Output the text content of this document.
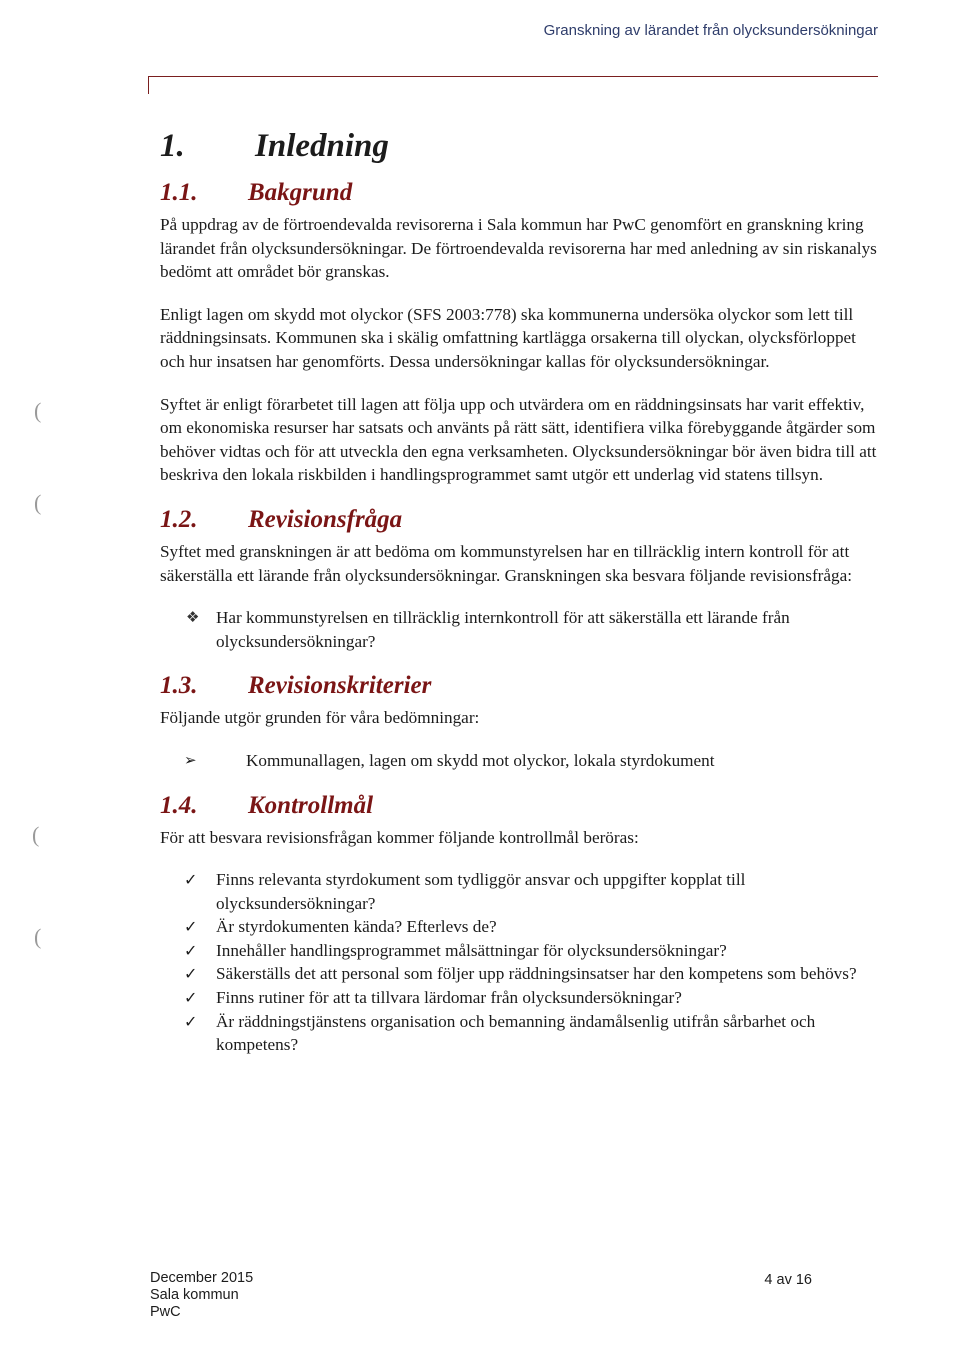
Granskning av lärandet från olycksundersökningar
(
(
(
(
1. Inledning
1.1. Bakgrund

På uppdrag av de förtroendevalda revisorerna i Sala kommun har PwC genomfört en granskning kring lärandet från olycksundersökningar. De förtroendevalda revisorerna har med anledning av sin riskanalys bedömt att området bör granskas.

Enligt lagen om skydd mot olyckor (SFS 2003:778) ska kommunerna undersöka olyckor som lett till räddningsinsats. Kommunen ska i skälig omfattning kartlägga orsakerna till olyckan, olycksförloppet och hur insatsen har genomförts. Dessa undersökningar kallas för olycksundersökningar.

Syftet är enligt förarbetet till lagen att följa upp och utvärdera om en räddningsinsats har varit effektiv, om ekonomiska resurser har satsats och använts på rätt sätt, identifiera vilka förebyggande åtgärder som behöver vidtas och för att utveckla den egna verksamheten. Olycksundersökningar bör även bidra till att beskriva den lokala riskbilden i handlingsprogrammet samt utgör ett underlag vid statens tillsyn.

1.2. Revisionsfråga

Syftet med granskningen är att bedöma om kommunstyrelsen har en tillräcklig intern kontroll för att säkerställa ett lärande från olycksundersökningar. Granskningen ska besvara följande revisionsfråga:

❖ Har kommunstyrelsen en tillräcklig internkontroll för att säkerställa ett lärande från olycksundersökningar?
1.3. Revisionskriterier

Följande utgör grunden för våra bedömningar:

➢	Kommunallagen, lagen om skydd mot olyckor, lokala styrdokument
1.4. Kontrollmål

För att besvara revisionsfrågan kommer följande kontrollmål beröras:

✓ Finns relevanta styrdokument som tydliggör ansvar och uppgifter kopplat till olycksundersökningar?
✓ Är styrdokumenten kända? Efterlevs de?
✓ Innehåller handlingsprogrammet målsättningar för olycksundersökningar?
✓ Säkerställs det att personal som följer upp räddningsinsatser har den kompetens som behövs?
✓ Finns rutiner för att ta tillvara lärdomar från olycksundersökningar?
✓ Är räddningstjänstens organisation och bemanning ändamålsenlig utifrån sårbarhet och kompetens?
December 2015
Sala kommun
PwC
4 av 16
